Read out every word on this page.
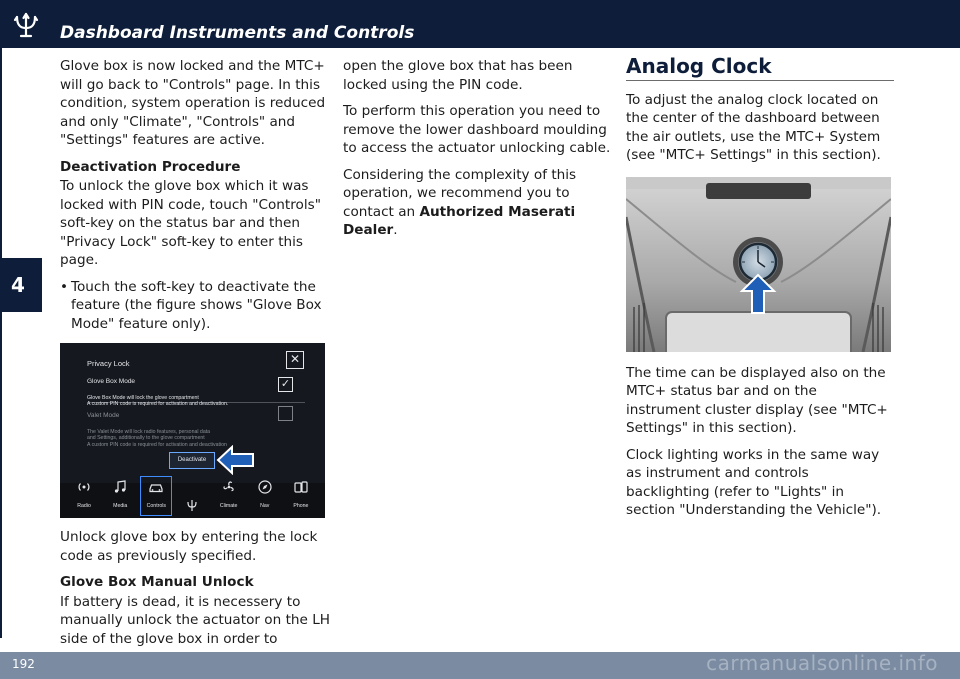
Dashboard Instruments and Controls
4

Glove box is now locked and the MTC+ will go back to "Controls" page. In this condition, system operation is reduced and only "Climate", "Controls" and "Settings" features are active.

Deactivation Procedure

To unlock the glove box which it was locked with PIN code, touch "Controls" soft-key on the status bar and then "Privacy Lock" soft-key to enter this page.

• Touch the soft-key to deactivate the feature (the figure shows "Glove Box Mode" feature only).

Privacy Lock	✕
Glove Box Mode
Glove Box Mode will lock the glove compartment
A custom PIN code is required for activation and deactivation.
✓
Valet Mode
The Valet Mode will lock radio features, personal data
and Settings, additionally to the glove compartment
A custom PIN code is required for activation and deactivation
Deactivate
Radio	Media	Controls	Climate	Nav	Phone

Unlock glove box by entering the lock code as previously specified.

Glove Box Manual Unlock

If battery is dead, it is necessery to manually unlock the actuator on the LH side of the glove box in order to

open the glove box that has been locked using the PIN code.

To perform this operation you need to remove the lower dashboard moulding to access the actuator unlocking cable.

Considering the complexity of this operation, we recommend you to contact an Authorized Maserati Dealer.

Analog Clock

To adjust the analog clock located on the center of the dashboard between the air outlets, use the MTC+ System (see "MTC+ Settings" in this section).

The time can be displayed also on the MTC+ status bar and on the instrument cluster display (see "MTC+ Settings" in this section).

Clock lighting works in the same way as instrument and controls backlighting (refer to "Lights" in section "Understanding the Vehicle").

192	carmanualsonline.info
